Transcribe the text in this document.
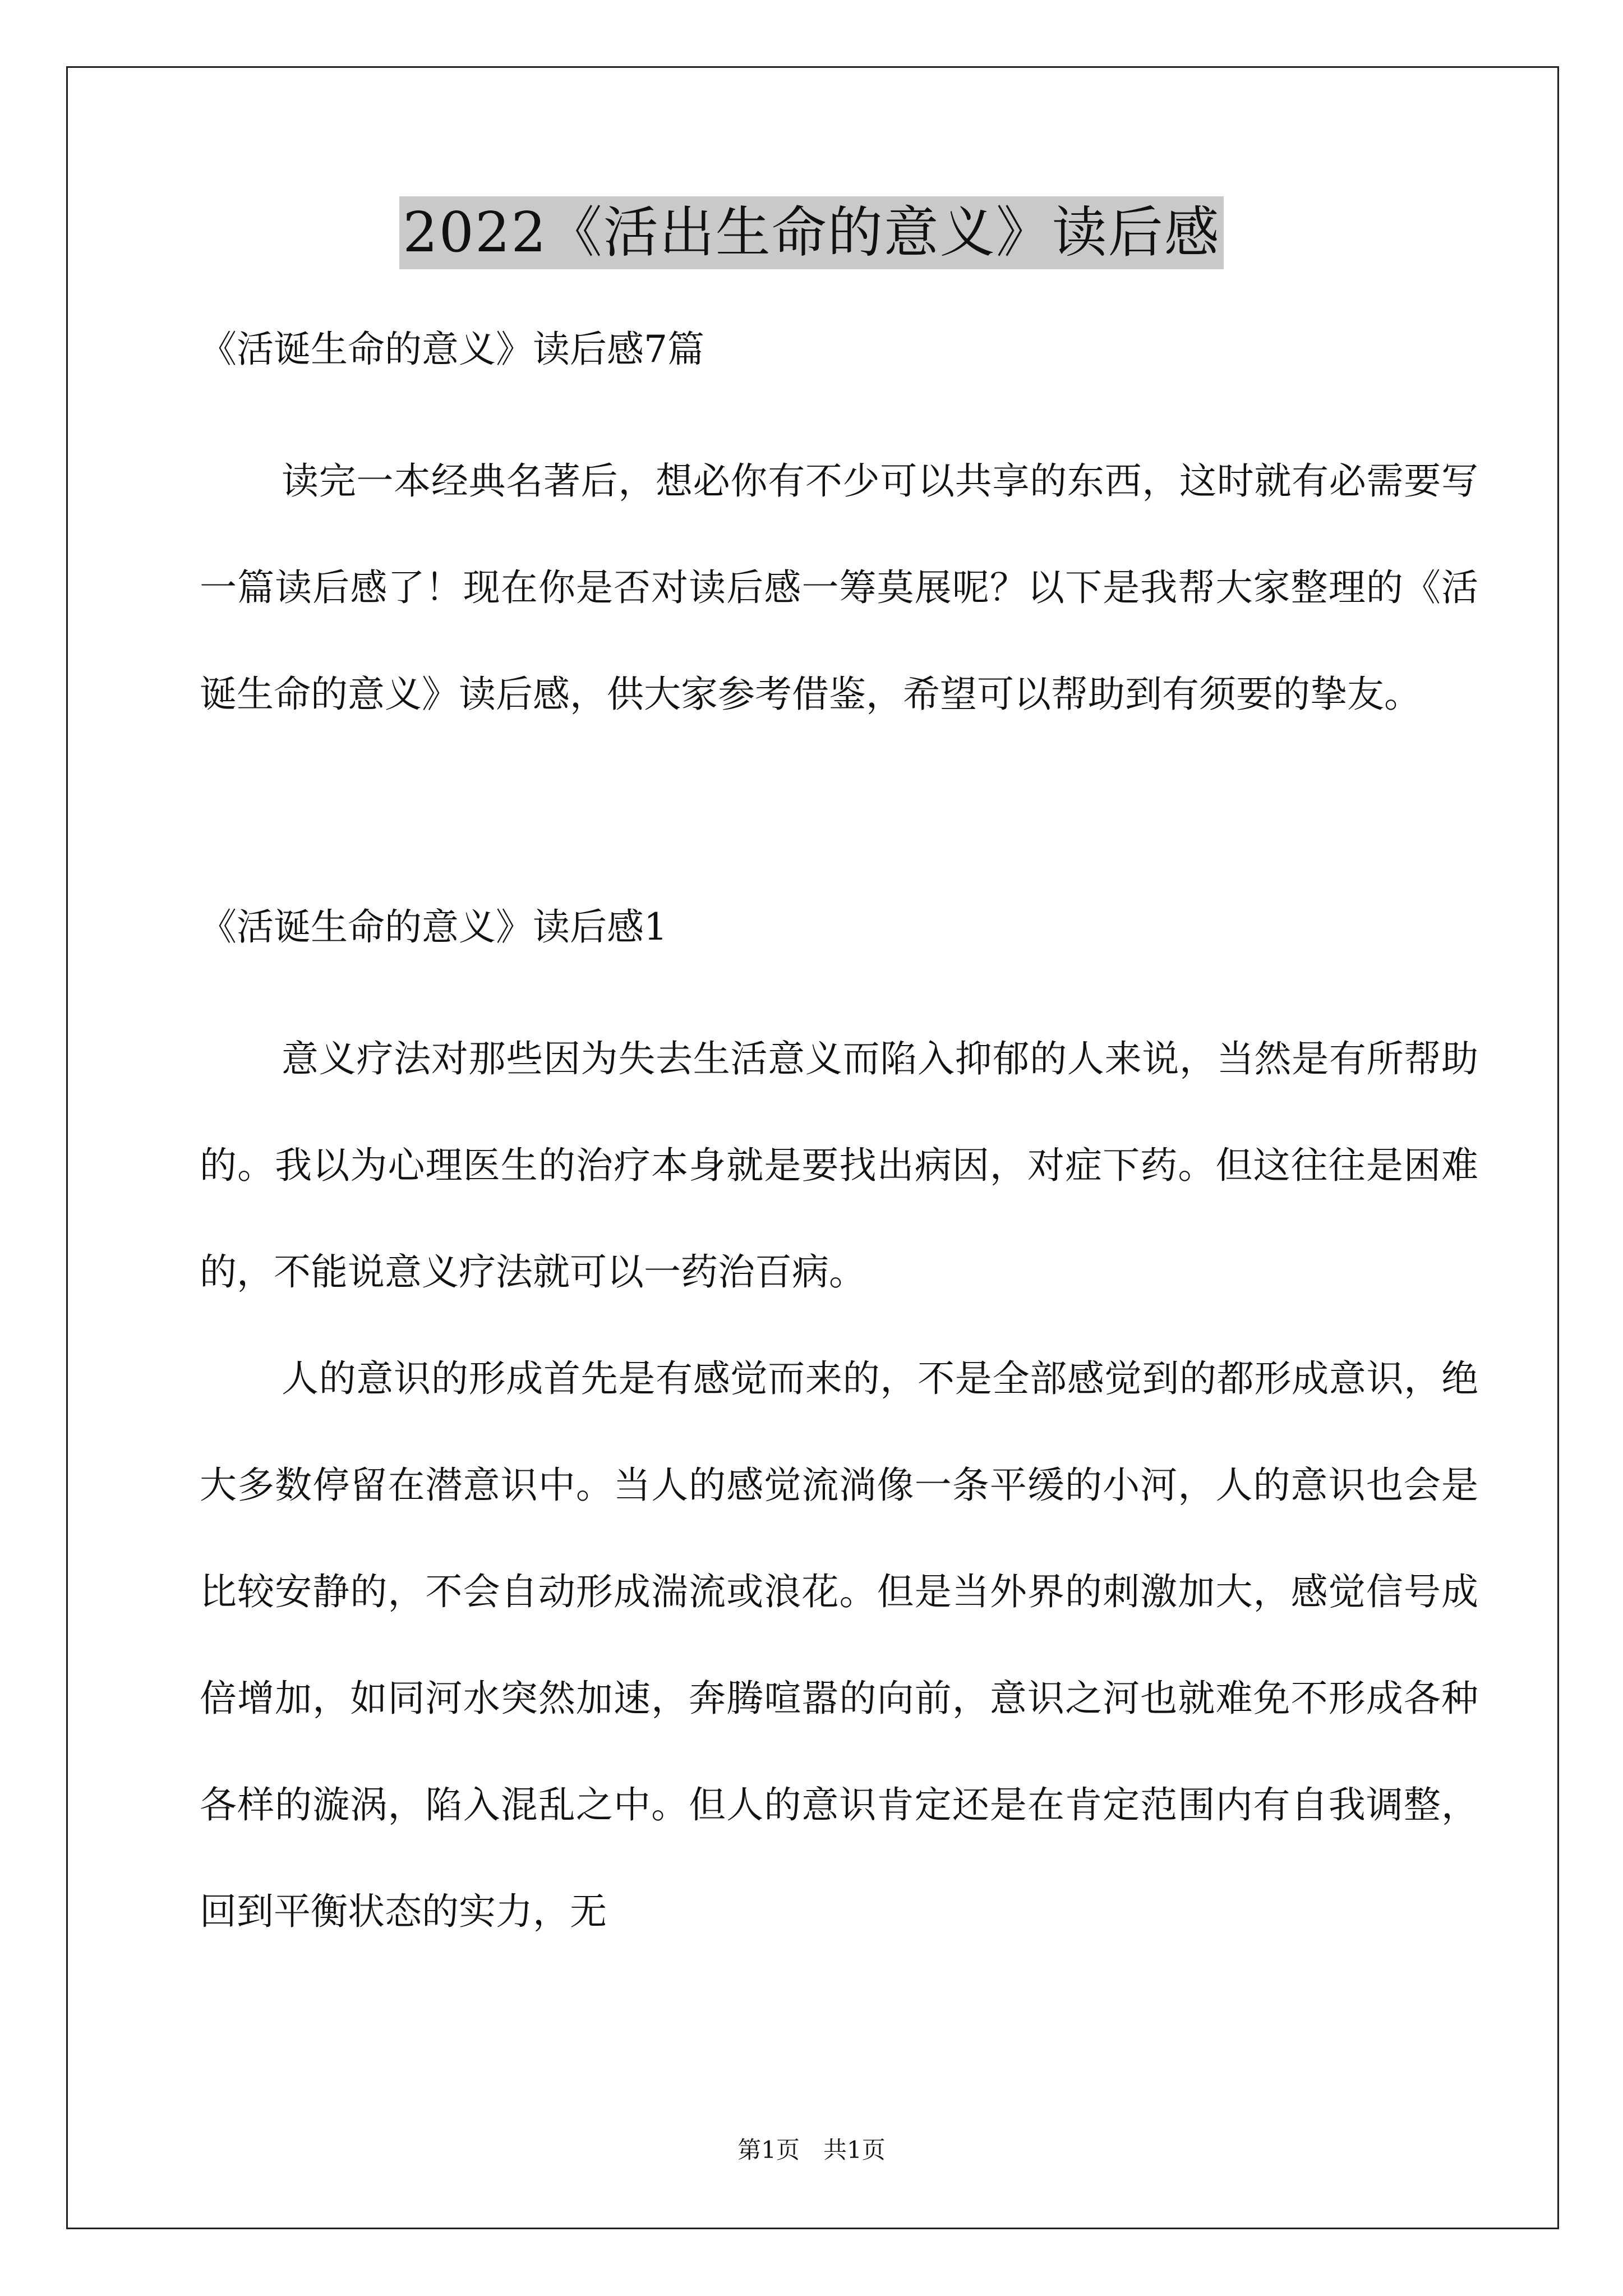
2022《活出生命的意义》读后感

《活诞生命的意义》读后感7篇

读完一本经典名著后，想必你有不少可以共享的东西，这时就有必需要写一篇读后感了！现在你是否对读后感一筹莫展呢？以下是我帮大家整理的《活诞生命的意义》读后感，供大家参考借鉴，希望可以帮助到有须要的挚友。

《活诞生命的意义》读后感1

意义疗法对那些因为失去生活意义而陷入抑郁的人来说，当然是有所帮助的。我以为心理医生的治疗本身就是要找出病因，对症下药。但这往往是困难的，不能说意义疗法就可以一药治百病。

人的意识的形成首先是有感觉而来的，不是全部感觉到的都形成意识，绝大多数停留在潜意识中。当人的感觉流淌像一条平缓的小河，人的意识也会是比较安静的，不会自动形成湍流或浪花。但是当外界的刺激加大，感觉信号成倍增加，如同河水突然加速，奔腾喧嚣的向前，意识之河也就难免不形成各种各样的漩涡，陷入混乱之中。但人的意识肯定还是在肯定范围内有自我调整，回到平衡状态的实力，无

第1页　共1页
